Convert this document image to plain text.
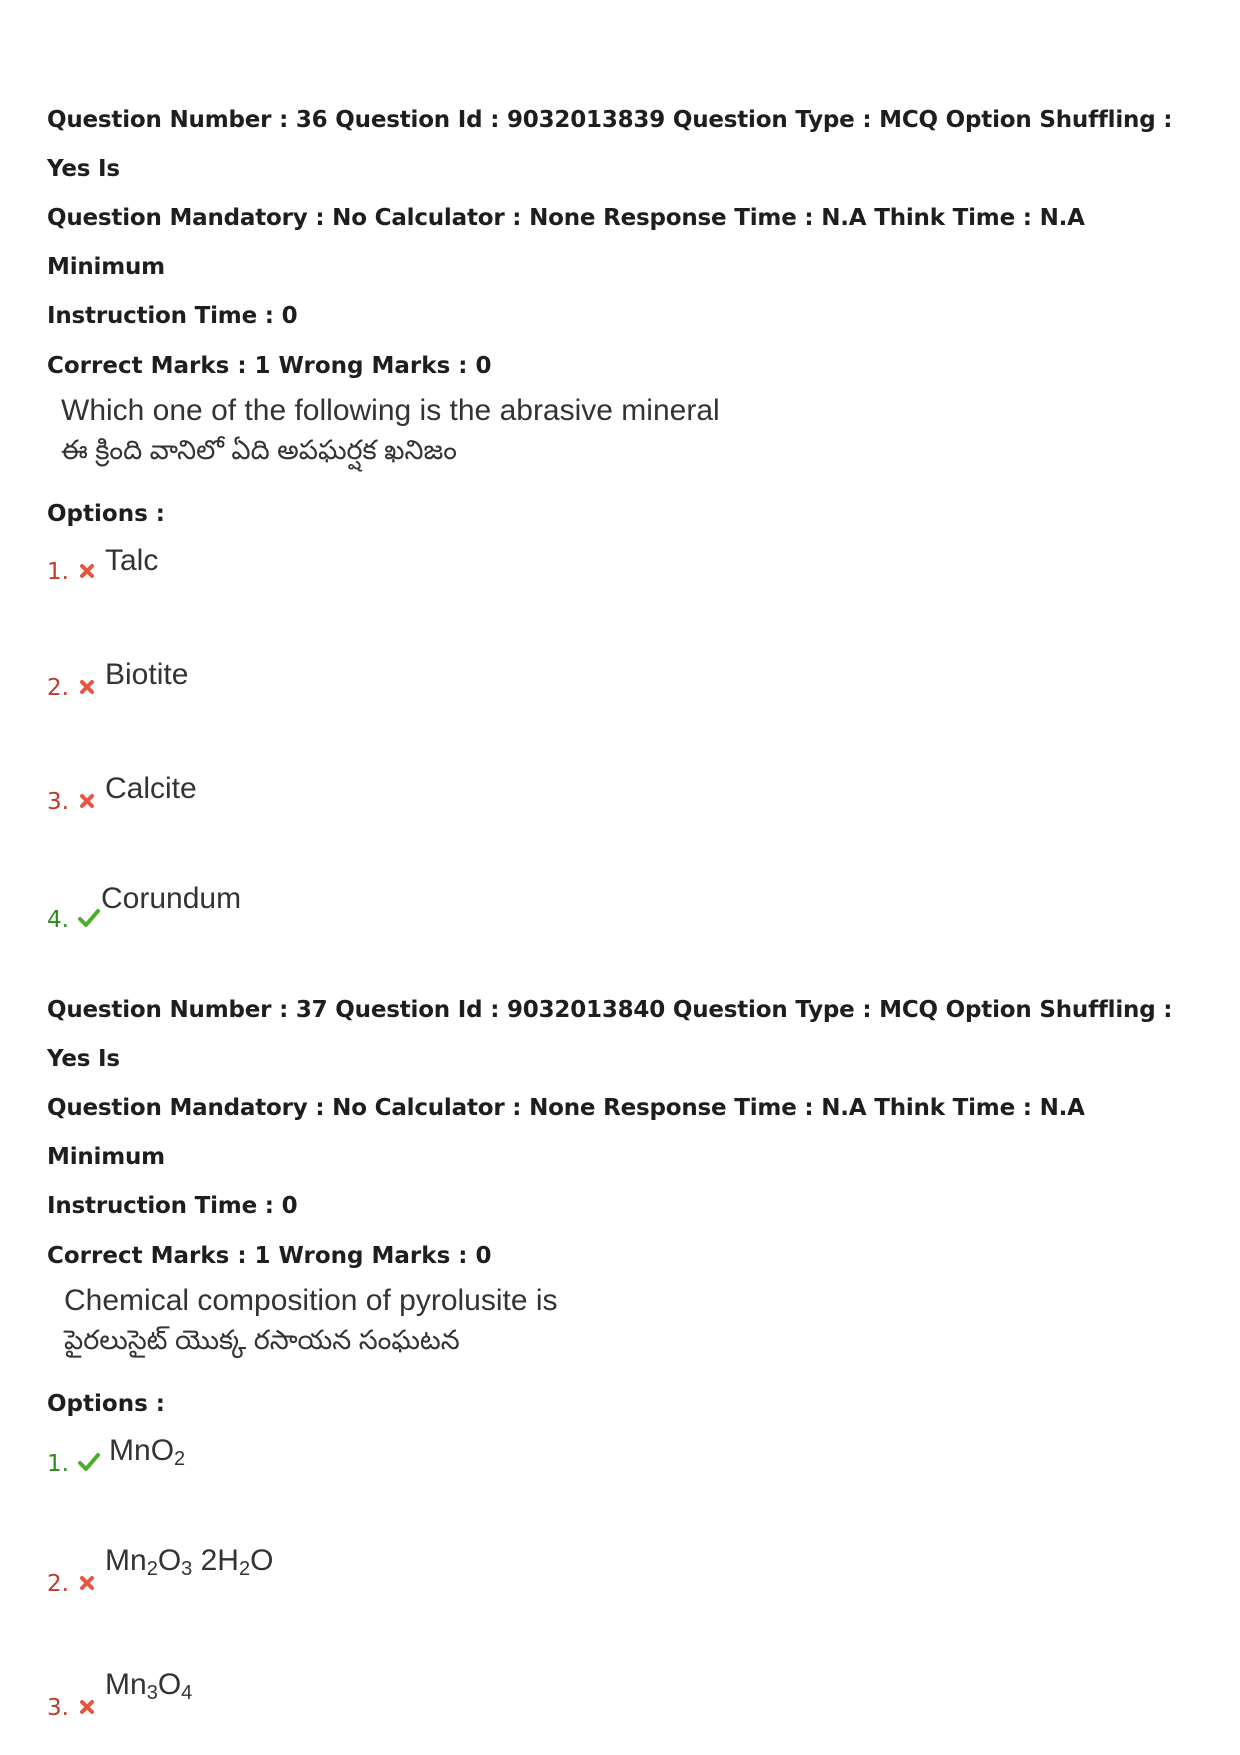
Question Number : 36 Question Id : 9032013839 Question Type : MCQ Option Shuffling : Yes Is

Question Mandatory : No Calculator : None Response Time : N.A Think Time : N.A Minimum

Instruction Time : 0

Correct Marks : 1 Wrong Marks : 0
Which one of the following is the abrasive mineral
ఈ క్రింది వానిలో ఏది అపఘర్షక ఖనిజం
Options :
1. Talc
2. Biotite
3. Calcite
4.
Corundum

Question Number : 37 Question Id : 9032013840 Question Type : MCQ Option Shuffling : Yes Is

Question Mandatory : No Calculator : None Response Time : N.A Think Time : N.A Minimum

Instruction Time : 0

Correct Marks : 1 Wrong Marks : 0
Chemical composition of pyrolusite is
పైరలుసైట్ యొక్క రసాయన సంఘటన
Options :
1. MnO$_2$
2.
$Mn_2O_3$ $2H_2O$
3.
$Mn_3O_4$
